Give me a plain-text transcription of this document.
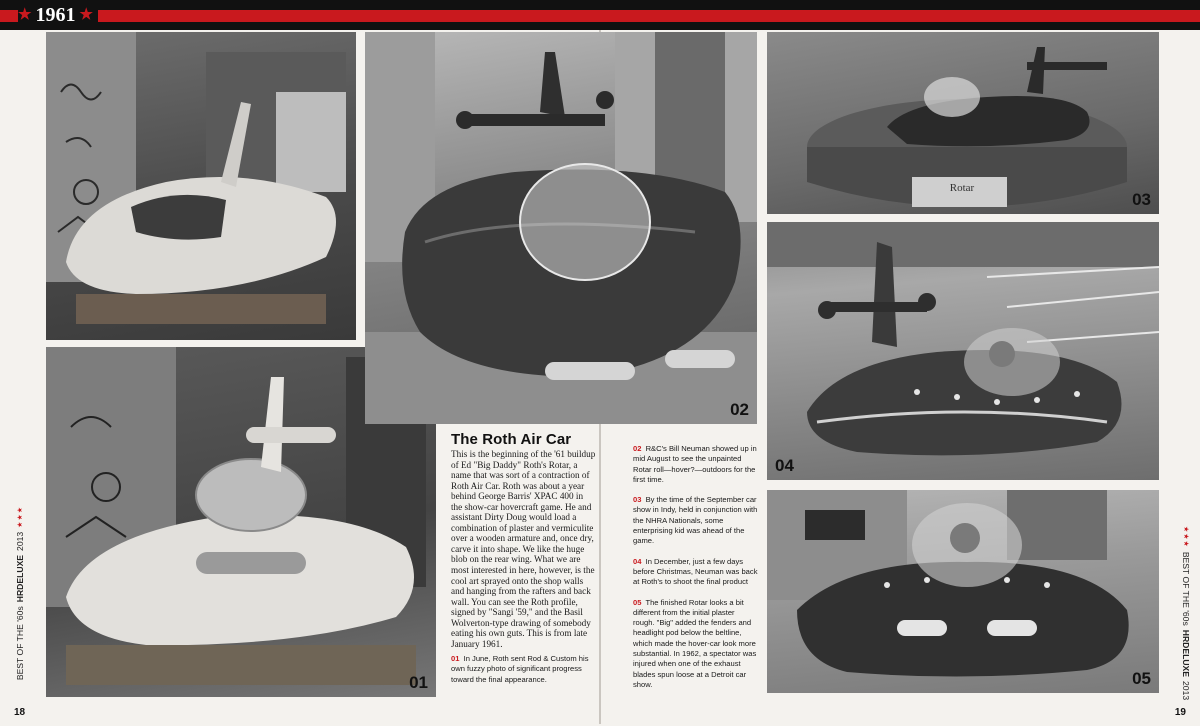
★ 1961 ★
01
02
Rotar
03
04
05
The Roth Air Car
This is the beginning of the '61 buildup of Ed "Big Daddy" Roth's Rotar, a name that was sort of a contraction of Roth Air Car. Roth was about a year behind George Barris' XPAC 400 in the show-car hovercraft game. He and assistant Dirty Doug would load a combination of plaster and vermiculite over a wooden armature and, once dry, carve it into shape. We like the huge blob on the rear wing. What we are most interested in here, however, is the cool art sprayed onto the shop walls and hanging from the rafters and back wall. You can see the Roth profile, signed by "Sangi '59," and the Basil Wolverton-type drawing of somebody eating his own guts. This is from late January 1961.
01 In June, Roth sent Rod & Custom his own fuzzy photo of significant progress toward the final appearance.
02 R&C's Bill Neuman showed up in mid August to see the unpainted Rotar roll—hover?—outdoors for the first time.
03 By the time of the September car show in Indy, held in conjunction with the NHRA Nationals, some enterprising kid was ahead of the game.
04 In December, just a few days before Christmas, Neuman was back at Roth's to shoot the final product
05 The finished Rotar looks a bit different from the initial plaster rough. "Big" added the fenders and headlight pod below the beltline, which made the hover-car look more substantial. In 1962, a spectator was injured when one of the exhaust blades spun loose at a Detroit car show.
BEST OF THE '60s
HRDELUXE
2013
★★★
★★★
BEST OF THE '60s
HRDELUXE
2013
18	19
